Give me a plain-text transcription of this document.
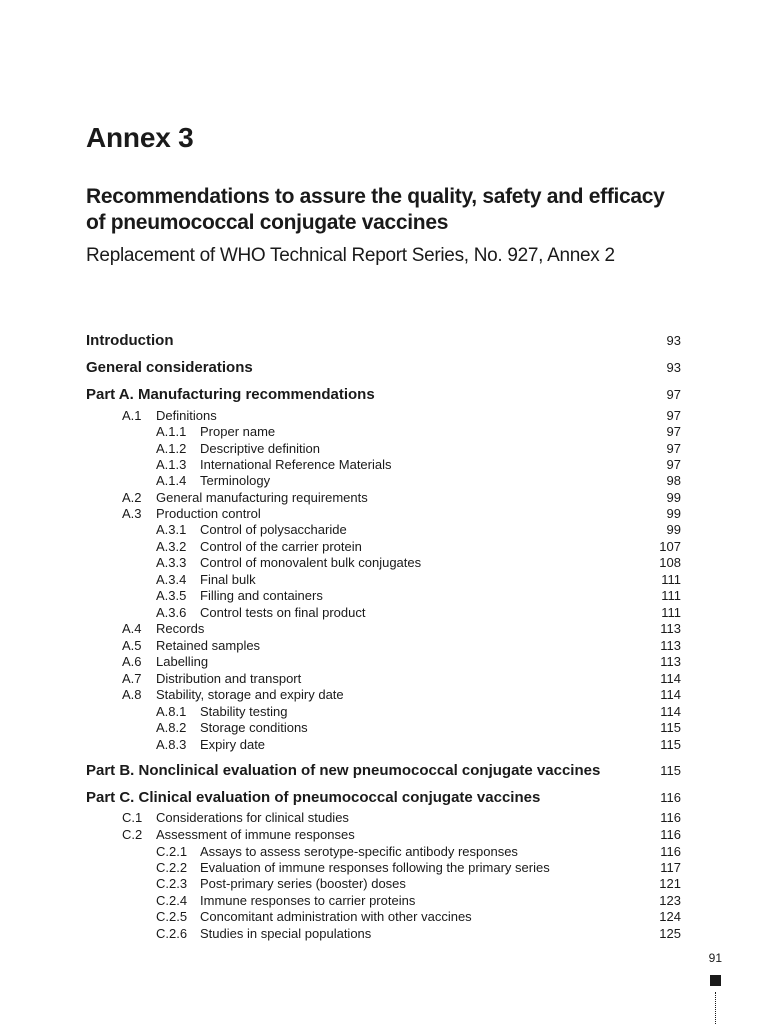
Annex 3
Recommendations to assure the quality, safety and efficacy of pneumococcal conjugate vaccines
Replacement of WHO Technical Report Series, No. 927, Annex 2
Introduction	93
General considerations	93
Part A. Manufacturing recommendations	97
A.1 Definitions	97
A.1.1 Proper name	97
A.1.2 Descriptive definition	97
A.1.3 International Reference Materials	97
A.1.4 Terminology	98
A.2 General manufacturing requirements	99
A.3 Production control	99
A.3.1 Control of polysaccharide	99
A.3.2 Control of the carrier protein	107
A.3.3 Control of monovalent bulk conjugates	108
A.3.4 Final bulk	111
A.3.5 Filling and containers	111
A.3.6 Control tests on final product	111
A.4 Records	113
A.5 Retained samples	113
A.6 Labelling	113
A.7 Distribution and transport	114
A.8 Stability, storage and expiry date	114
A.8.1 Stability testing	114
A.8.2 Storage conditions	115
A.8.3 Expiry date	115
Part B. Nonclinical evaluation of new pneumococcal conjugate vaccines	115
Part C. Clinical evaluation of pneumococcal conjugate vaccines	116
C.1 Considerations for clinical studies	116
C.2 Assessment of immune responses	116
C.2.1 Assays to assess serotype-specific antibody responses	116
C.2.2 Evaluation of immune responses following the primary series	117
C.2.3 Post-primary series (booster) doses	121
C.2.4 Immune responses to carrier proteins	123
C.2.5 Concomitant administration with other vaccines	124
C.2.6 Studies in special populations	125
91
